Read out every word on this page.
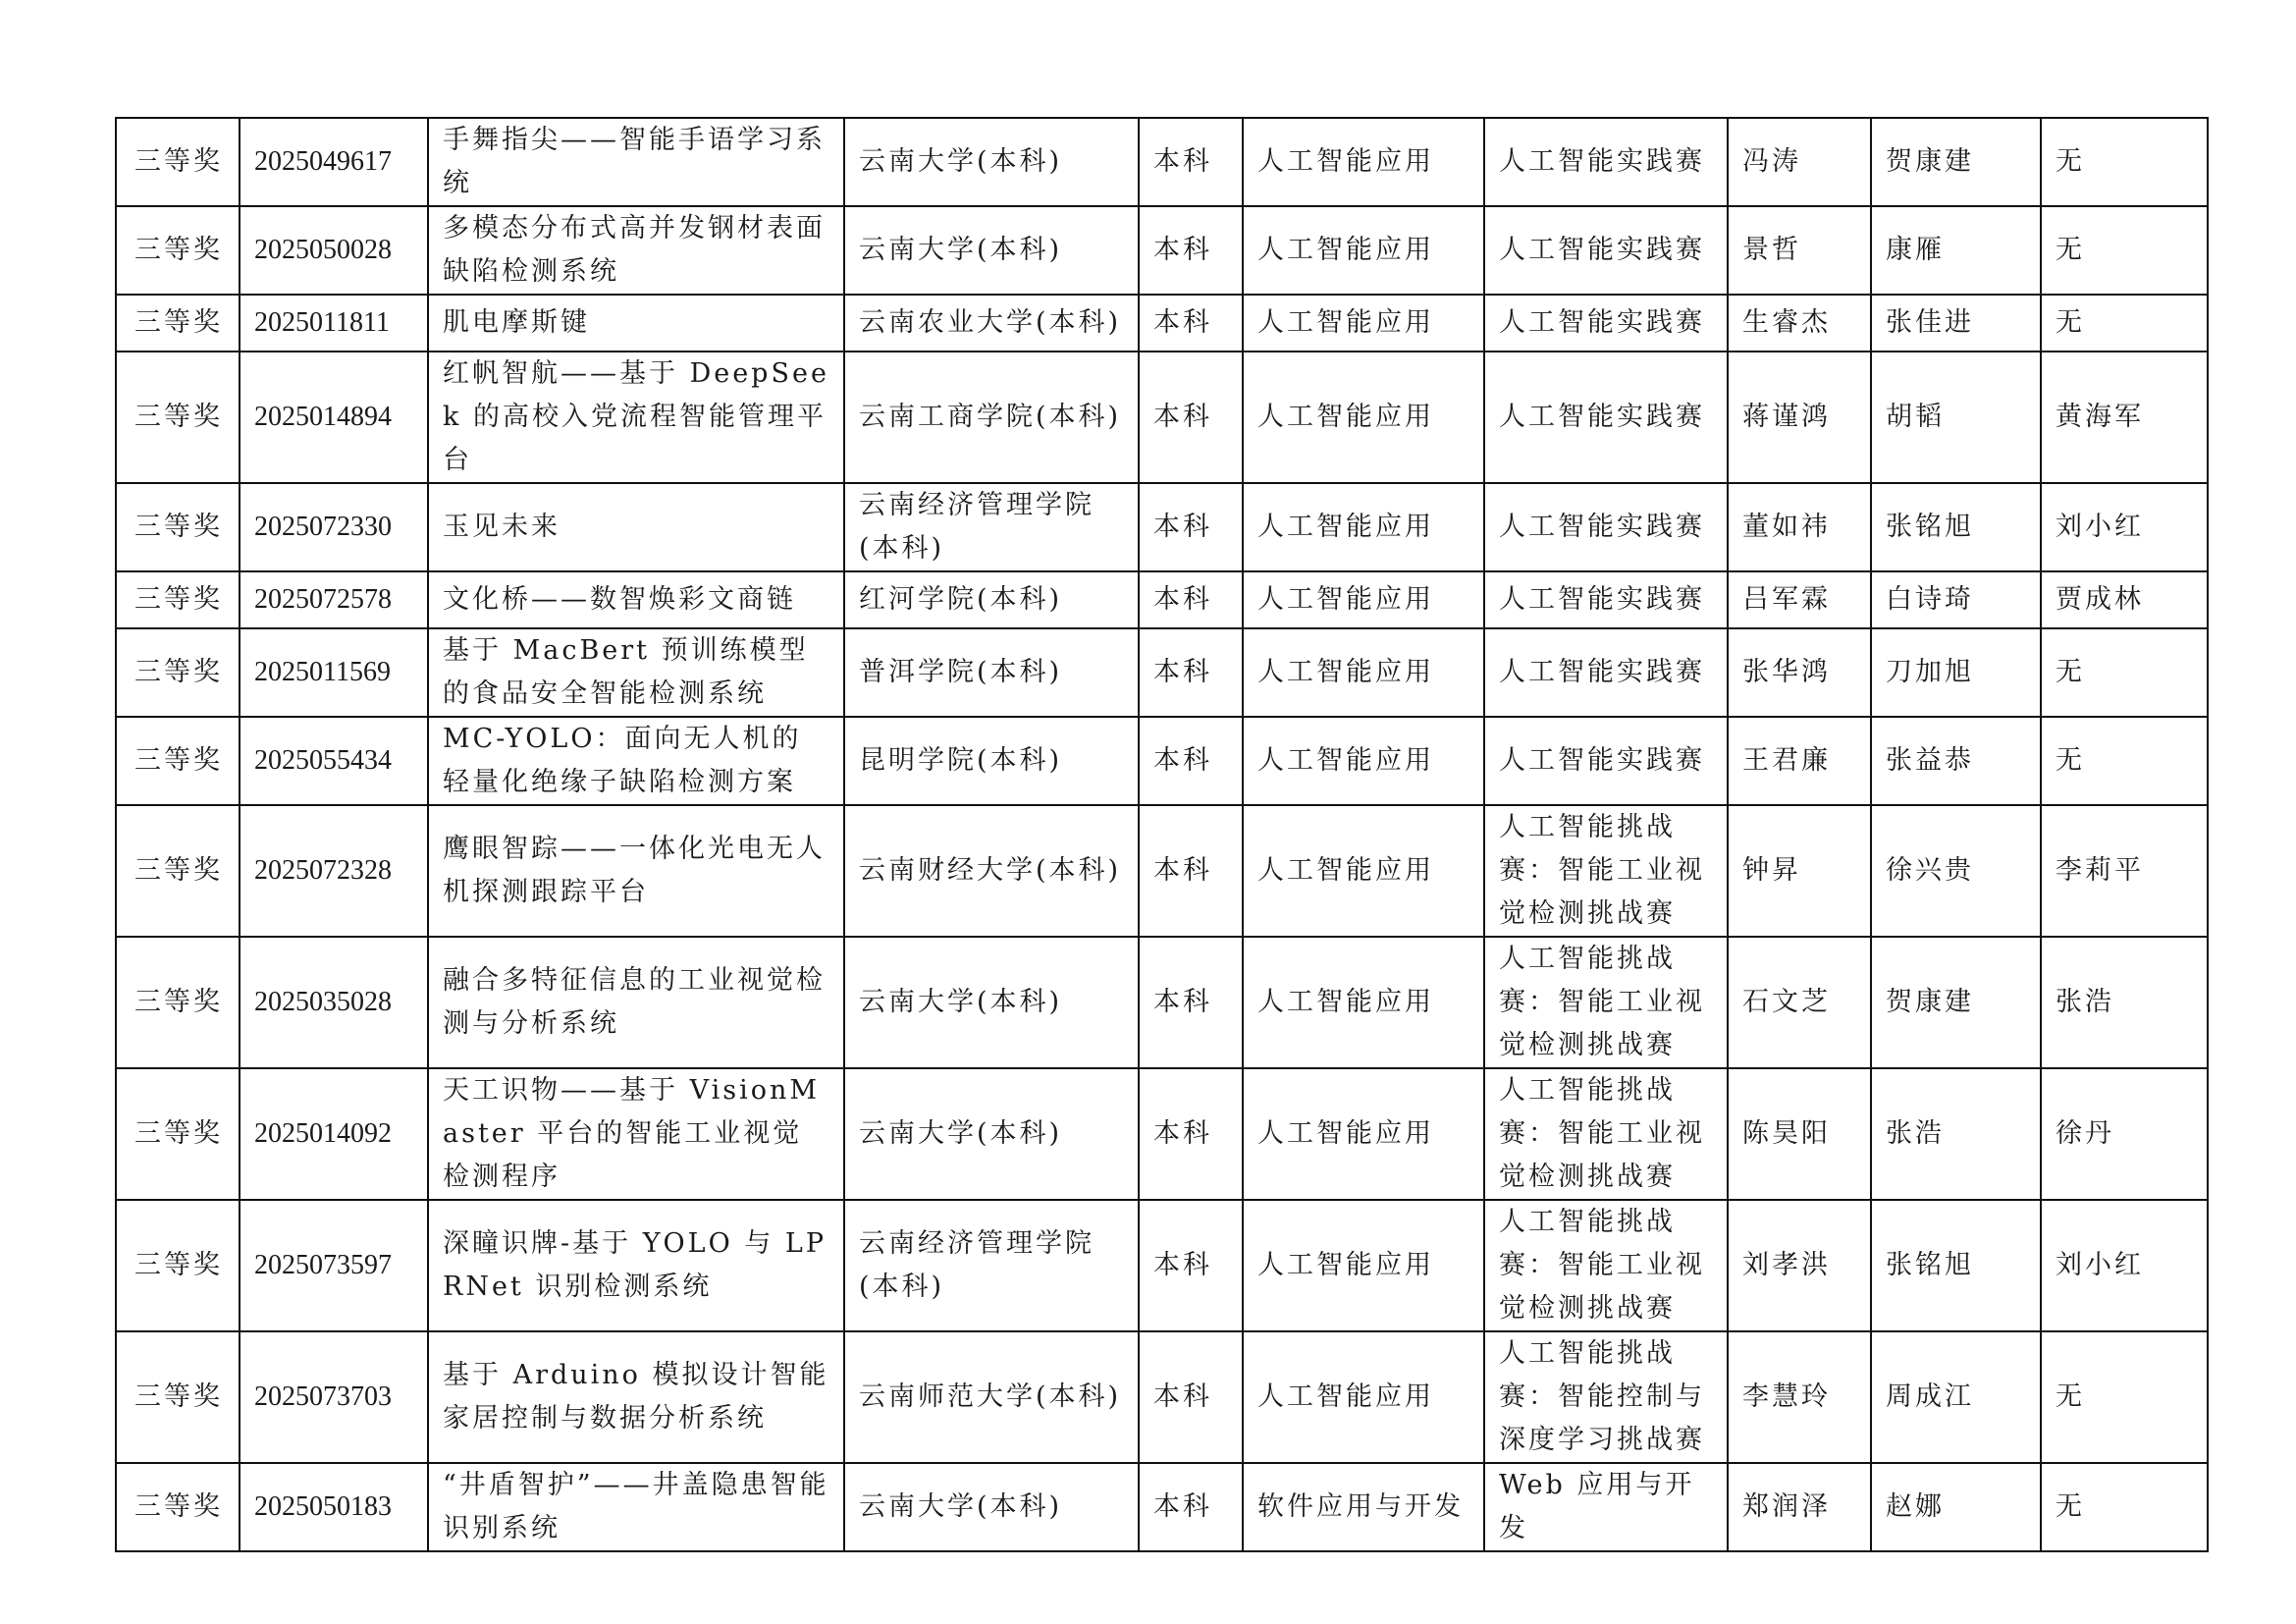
三等奖	2025049617	手舞指尖——智能手语学习系统	云南大学(本科)	本科	人工智能应用	人工智能实践赛	冯涛	贺康建	无
三等奖	2025050028	多模态分布式高并发钢材表面缺陷检测系统	云南大学(本科)	本科	人工智能应用	人工智能实践赛	景哲	康雁	无
三等奖	2025011811	肌电摩斯键	云南农业大学(本科)	本科	人工智能应用	人工智能实践赛	生睿杰	张佳进	无
三等奖	2025014894	红帆智航——基于 DeepSeek 的高校入党流程智能管理平台	云南工商学院(本科)	本科	人工智能应用	人工智能实践赛	蒋谨鸿	胡韬	黄海军
三等奖	2025072330	玉见未来	云南经济管理学院(本科)	本科	人工智能应用	人工智能实践赛	董如祎	张铭旭	刘小红
三等奖	2025072578	文化桥——数智焕彩文商链	红河学院(本科)	本科	人工智能应用	人工智能实践赛	吕军霖	白诗琦	贾成林
三等奖	2025011569	基于 MacBert 预训练模型的食品安全智能检测系统	普洱学院(本科)	本科	人工智能应用	人工智能实践赛	张华鸿	刀加旭	无
三等奖	2025055434	MC-YOLO：面向无人机的轻量化绝缘子缺陷检测方案	昆明学院(本科)	本科	人工智能应用	人工智能实践赛	王君廉	张益恭	无
三等奖	2025072328	鹰眼智踪——一体化光电无人机探测跟踪平台	云南财经大学(本科)	本科	人工智能应用	人工智能挑战赛：智能工业视觉检测挑战赛	钟昇	徐兴贵	李莉平
三等奖	2025035028	融合多特征信息的工业视觉检测与分析系统	云南大学(本科)	本科	人工智能应用	人工智能挑战赛：智能工业视觉检测挑战赛	石文芝	贺康建	张浩
三等奖	2025014092	天工识物——基于 VisionMaster 平台的智能工业视觉检测程序	云南大学(本科)	本科	人工智能应用	人工智能挑战赛：智能工业视觉检测挑战赛	陈昊阳	张浩	徐丹
三等奖	2025073597	深瞳识牌-基于 YOLO 与 LPRNet 识别检测系统	云南经济管理学院(本科)	本科	人工智能应用	人工智能挑战赛：智能工业视觉检测挑战赛	刘孝洪	张铭旭	刘小红
三等奖	2025073703	基于 Arduino 模拟设计智能家居控制与数据分析系统	云南师范大学(本科)	本科	人工智能应用	人工智能挑战赛：智能控制与深度学习挑战赛	李慧玲	周成江	无
三等奖	2025050183	“井盾智护”——井盖隐患智能识别系统	云南大学(本科)	本科	软件应用与开发	Web 应用与开发	郑润泽	赵娜	无
